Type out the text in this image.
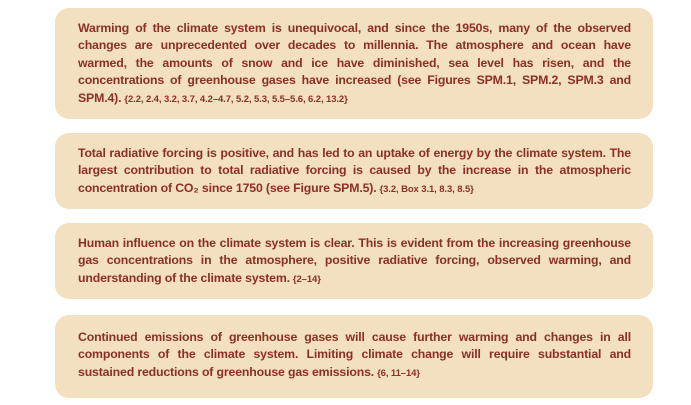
Warming of the climate system is unequivocal, and since the 1950s, many of the observed changes are unprecedented over decades to millennia. The atmosphere and ocean have warmed, the amounts of snow and ice have diminished, sea level has risen, and the concentrations of greenhouse gases have increased (see Figures SPM.1, SPM.2, SPM.3 and SPM.4). {2.2, 2.4, 3.2, 3.7, 4.2–4.7, 5.2, 5.3, 5.5–5.6, 6.2, 13.2}

Total radiative forcing is positive, and has led to an uptake of energy by the climate system. The largest contribution to total radiative forcing is caused by the increase in the atmospheric concentration of CO₂ since 1750 (see Figure SPM.5). {3.2, Box 3.1, 8.3, 8.5}

Human influence on the climate system is clear. This is evident from the increasing greenhouse gas concentrations in the atmosphere, positive radiative forcing, observed warming, and understanding of the climate system. {2–14}

Continued emissions of greenhouse gases will cause further warming and changes in all components of the climate system. Limiting climate change will require substantial and sustained reductions of greenhouse gas emissions. {6, 11–14}
